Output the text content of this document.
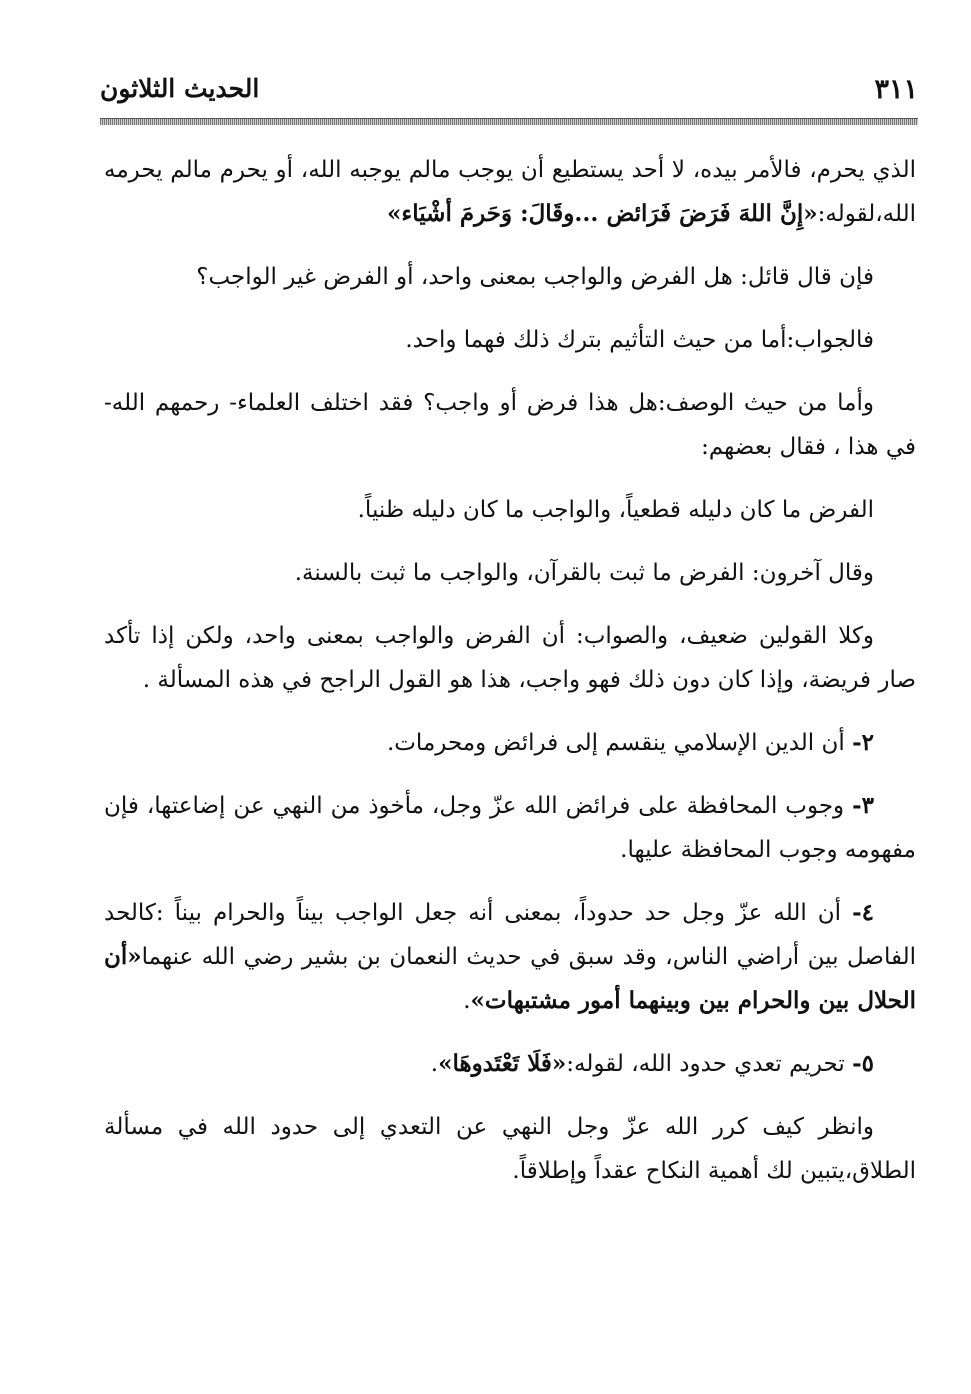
٣١١
الحديث الثلاثون

الذي يحرم، فالأمر بيده، لا أحد يستطيع أن يوجب مالم يوجبه الله، أو يحرم مالم يحرمه الله،لقوله:«إِنَّ اللهَ فَرَضَ فَرَائض ...وقَالَ: وَحَرمَ أشْيَاء»

فإن قال قائل: هل الفرض والواجب بمعنى واحد، أو الفرض غير الواجب؟

فالجواب:أما من حيث التأثيم بترك ذلك فهما واحد.

وأما من حيث الوصف:هل هذا فرض أو واجب؟ فقد اختلف العلماء- رحمهم الله- في هذا ، فقال بعضهم:

الفرض ما كان دليله قطعياً، والواجب ما كان دليله ظنياً.

وقال آخرون: الفرض ما ثبت بالقرآن، والواجب ما ثبت بالسنة.

وكلا القولين ضعيف، والصواب: أن الفرض والواجب بمعنى واحد، ولكن إذا تأكد صار فريضة، وإذا كان دون ذلك فهو واجب، هذا هو القول الراجح في هذه المسألة .

٢- أن الدين الإسلامي ينقسم إلى فرائض ومحرمات.

٣- وجوب المحافظة على فرائض الله عزّ وجل، مأخوذ من النهي عن إضاعتها، فإن مفهومه وجوب المحافظة عليها.

٤- أن الله عزّ وجل حد حدوداً، بمعنى أنه جعل الواجب بيناً والحرام بيناً :كالحد الفاصل بين أراضي الناس، وقد سبق في حديث النعمان بن بشير رضي الله عنهما«أن الحلال بين والحرام بين وبينهما أمور مشتبهات».

٥- تحريم تعدي حدود الله، لقوله:«فَلَا تَعْتَدوهَا».

وانظر كيف كرر الله عزّ وجل النهي عن التعدي إلى حدود الله في مسألة الطلاق،يتبين لك أهمية النكاح عقداً وإطلاقاً.
